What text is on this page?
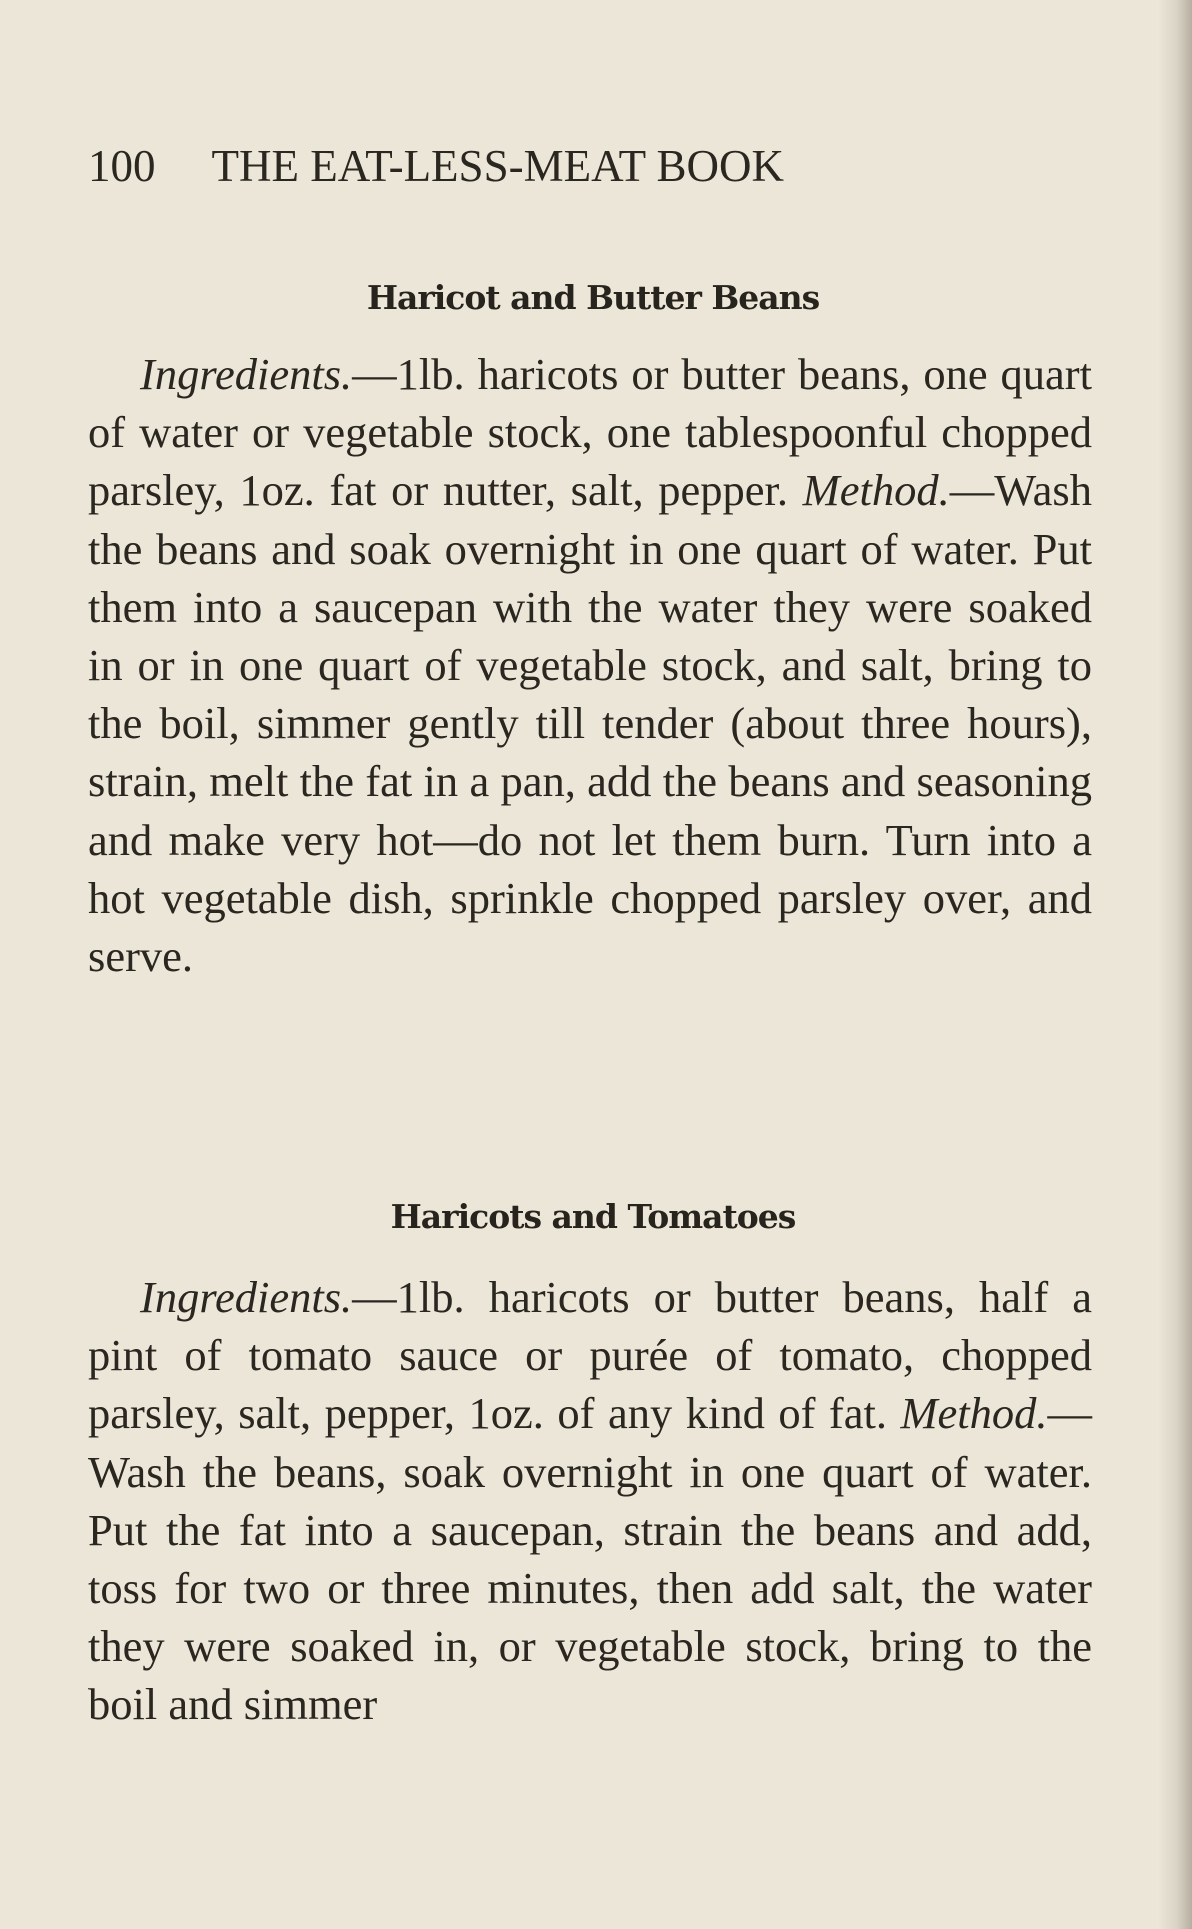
100 THE EAT-LESS-MEAT BOOK
Haricot and Butter Beans

Ingredients.—1lb. haricots or butter beans, one quart of water or vegetable stock, one tablespoonful chopped parsley, 1oz. fat or nutter, salt, pepper. Method.—Wash the beans and soak overnight in one quart of water. Put them into a saucepan with the water they were soaked in or in one quart of vegetable stock, and salt, bring to the boil, simmer gently till tender (about three hours), strain, melt the fat in a pan, add the beans and seasoning and make very hot—do not let them burn. Turn into a hot vegetable dish, sprinkle chopped parsley over, and serve.

Haricots and Tomatoes

Ingredients.—1lb. haricots or butter beans, half a pint of tomato sauce or purée of tomato, chopped parsley, salt, pepper, 1oz. of any kind of fat. Method.—Wash the beans, soak overnight in one quart of water. Put the fat into a saucepan, strain the beans and add, toss for two or three minutes, then add salt, the water they were soaked in, or vegetable stock, bring to the boil and simmer
